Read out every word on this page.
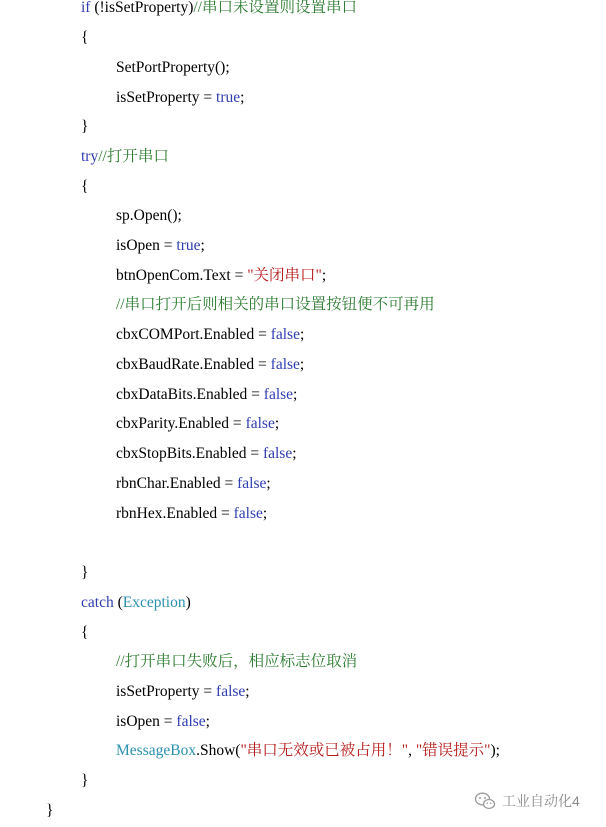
if (!isSetProperty)//串口未设置则设置串口
{
SetPortProperty();
isSetProperty = true;
}
try//打开串口
{
sp.Open();
isOpen = true;
btnOpenCom.Text = "关闭串口";
//串口打开后则相关的串口设置按钮便不可再用
cbxCOMPort.Enabled = false;
cbxBaudRate.Enabled = false;
cbxDataBits.Enabled = false;
cbxParity.Enabled = false;
cbxStopBits.Enabled = false;
rbnChar.Enabled = false;
rbnHex.Enabled = false;
}
catch (Exception)
{
//打开串口失败后，相应标志位取消
isSetProperty = false;
isOpen = false;
MessageBox.Show("串口无效或已被占用！", "错误提示");
}
}
工业自动化4
